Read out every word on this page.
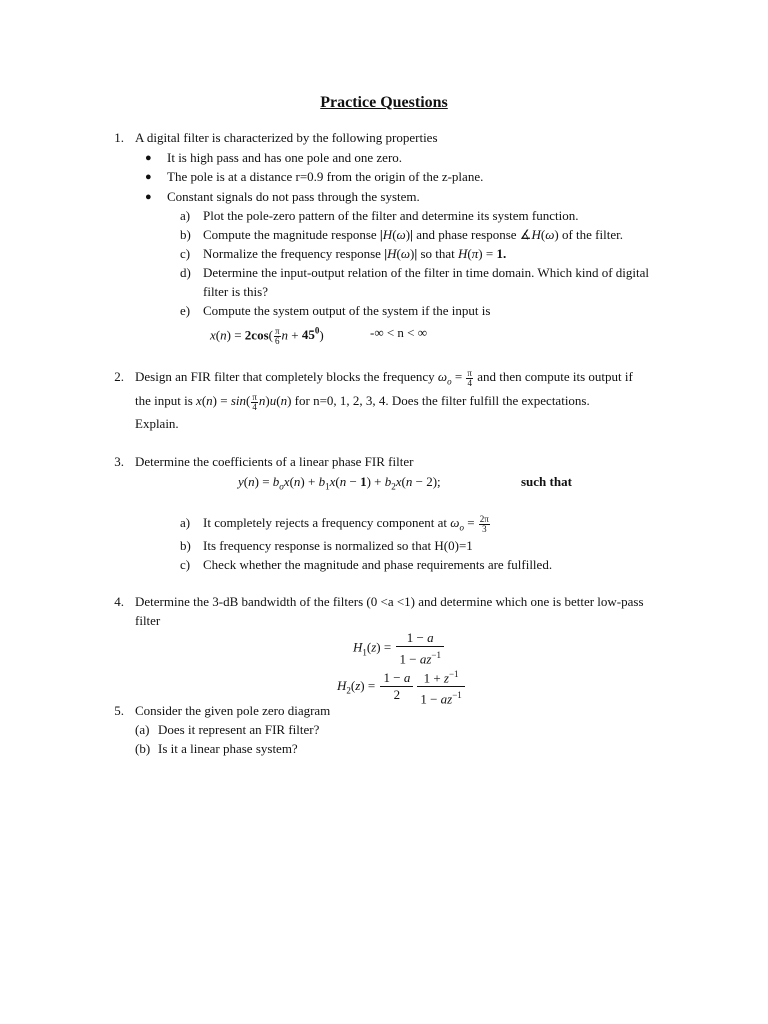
Practice Questions
1. A digital filter is characterized by the following properties
● It is high pass and has one pole and one zero.
● The pole is at a distance r=0.9 from the origin of the z-plane.
● Constant signals do not pass through the system.
a) Plot the pole-zero pattern of the filter and determine its system function.
b) Compute the magnitude response |H(ω)| and phase response ∡H(ω) of the filter.
c) Normalize the frequency response |H(ω)| so that H(π) = 1.
d) Determine the input-output relation of the filter in time domain. Which kind of digital
filter is this?
e) Compute the system output of the system if the input is
$x(n) = 2\cos( \frac{\pi}{6}$ $n + 45^0$)	-∞ < n < ∞
2. Design an FIR filter that completely blocks the frequency $\omega_o = \frac{\pi}{4}$ and then compute its output if
the input is $x(n) = \sin( \frac{\pi}{4} n)u(n)$ for n=0, 1, 2, 3, 4. Does the filter fulfill the expectations.
Explain.
3. Determine the coefficients of a linear phase FIR filter
$y(n) = b_ox(n) + b_1x(n - 1) + b_2x(n - 2)$;	such that
a) It completely rejects a frequency component at $\omega_o = \frac{2\pi}{3}$
b) Its frequency response is normalized so that H(0)=1
c) Check whether the magnitude and phase requirements are fulfilled.
4. Determine the 3-dB bandwidth of the filters (0 <a <1) and determine which one is better low-pass
filter
$H_1(z) = \frac{1 - a}{1 - az^{-1}}$
$H_2(z) = \frac{1 - a}{2} \frac{1 + z^{-1}}{1 - az^{-1}}$
5. Consider the given pole zero diagram
(a) Does it represent an FIR filter?
(b) Is it a linear phase system?
